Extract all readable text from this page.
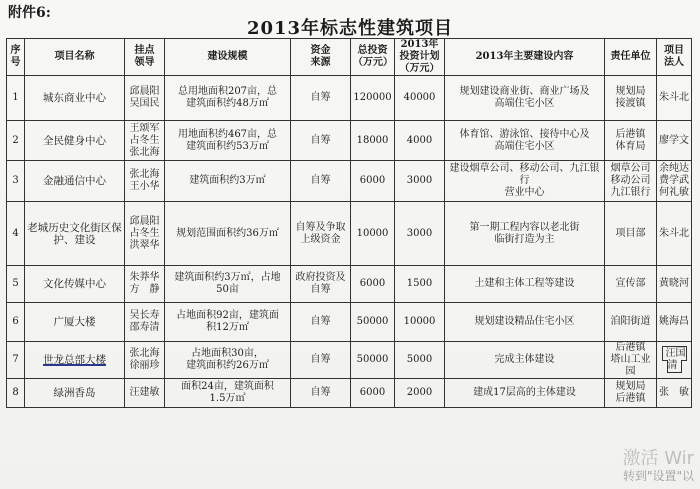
附件6:
2013年标志性建筑项目
序
号	项目名称	挂点
领导	建设规模	资金
来源	总投资
（万元）	2013年
投资计划
（万元）	2013年主要建设内容	责任单位	项目
法人
1	城东商业中心	邱晨阳
吴国民	总用地面积207亩，总
建筑面积约48万㎡	自筹	120000	40000	规划建设商业街、商业广场及
高端住宅小区	规划局
接渡镇	朱斗北
2	全民健身中心	王颂军
占冬生
张北海	用地面积约467亩，总
建筑面积约53万㎡	自筹	18000	4000	体育馆、游泳馆、接待中心及
高端住宅小区	后港镇
体育局	廖学文
3	金融通信中心	张北海
王小华	建筑面积约3万㎡	自筹	6000	3000	建设烟草公司、移动公司、九江银行
营业中心	烟草公司
移动公司
九江银行	余纯达
费学武
何礼敏
4	老城历史文化街区保
护、建设	邱晨阳
占冬生
洪翠华	规划范围面积约36万㎡	自筹及争取
上级资金	10000	3000	第一期工程内容以老北街
临街打造为主	项目部	朱斗北
5	文化传媒中心	朱莽华
方　静	建筑面积约3万㎡，占地
50亩	政府投资及
自筹	6000	1500	土建和主体工程等建设	宣传部	黄晓河
6	广厦大楼	吴长寿
邵寿清	占地面积92亩，建筑面
积12万㎡	自筹	50000	10000	规划建设精品住宅小区	洎阳街道	姚海昌
7	世龙总部大楼	张北海
徐丽珍	占地面积30亩，
建筑面积约26万㎡	自筹	50000	5000	完成主体建设	后港镇
塔山工业园	汪国清
8	绿洲香岛	汪建敏	面积24亩，建筑面积
1.5万㎡	自筹	6000	2000	建成17层高的主体建设	规划局
后港镇	张　敏
激活 Wir
转到"设置"以
